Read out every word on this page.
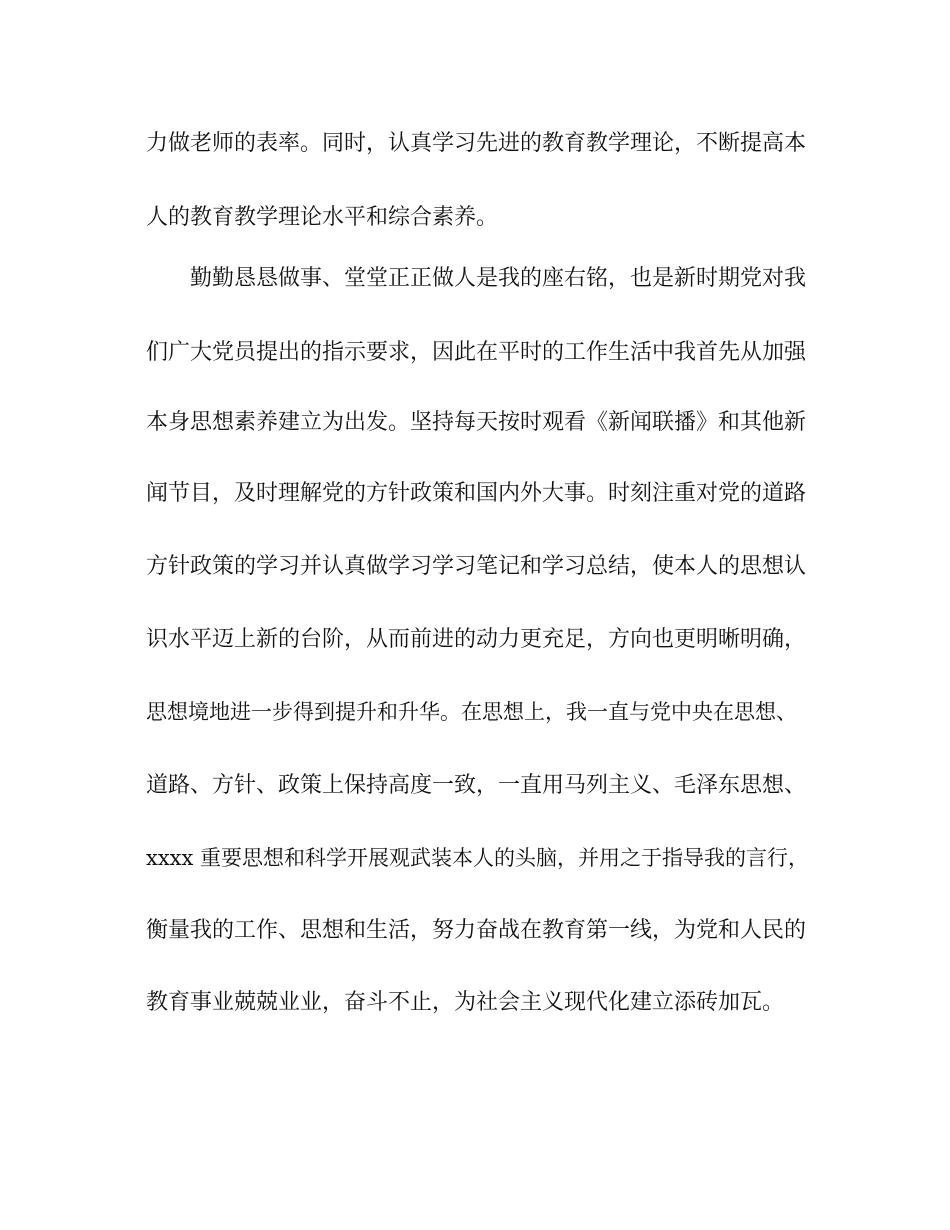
力做老师的表率。同时，认真学习先进的教育教学理论，不断提高本

人的教育教学理论水平和综合素养。

勤勤恳恳做事、堂堂正正做人是我的座右铭，也是新时期党对我

们广大党员提出的指示要求，因此在平时的工作生活中我首先从加强

本身思想素养建立为出发。坚持每天按时观看《新闻联播》和其他新

闻节目，及时理解党的方针政策和国内外大事。时刻注重对党的道路

方针政策的学习并认真做学习学习笔记和学习总结，使本人的思想认

识水平迈上新的台阶，从而前进的动力更充足，方向也更明晰明确，

思想境地进一步得到提升和升华。在思想上，我一直与党中央在思想、

道路、方针、政策上保持高度一致，一直用马列主义、毛泽东思想、

xxxx 重要思想和科学开展观武装本人的头脑，并用之于指导我的言行，

衡量我的工作、思想和生活，努力奋战在教育第一线，为党和人民的

教育事业兢兢业业，奋斗不止，为社会主义现代化建立添砖加瓦。
